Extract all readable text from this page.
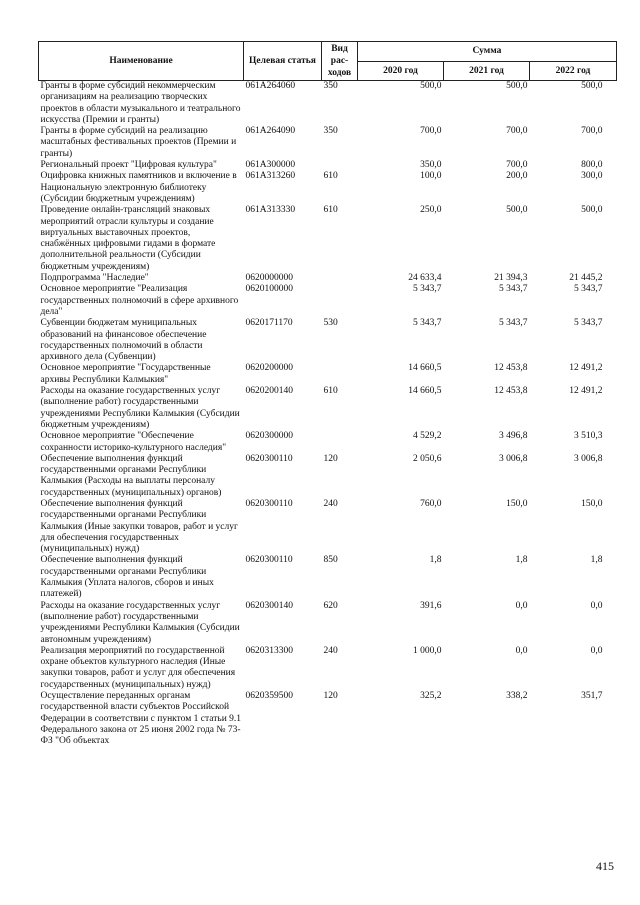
Наименование	Целевая статья	Вид рас-ходов	Сумма		
			2020 год	2021 год	2022 год
Гранты в форме субсидий некоммерческим организациям на реализацию творческих проектов в области музыкального и театрального искусства (Премии и гранты)	061А264060	350	500,0	500,0	500,0
Гранты в форме субсидий на реализацию масштабных фестивальных проектов (Премии и гранты)	061А264090	350	700,0	700,0	700,0
Региональный проект "Цифровая культура"	061А300000		350,0	700,0	800,0
Оцифровка книжных памятников и включение в Национальную электронную библиотеку (Субсидии бюджетным учреждениям)	061А313260	610	100,0	200,0	300,0
Проведение онлайн-трансляций знаковых мероприятий отрасли культуры и создание виртуальных выставочных проектов, снабжённых цифровыми гидами в формате дополнительной реальности (Субсидии бюджетным учреждениям)	061А313330	610	250,0	500,0	500,0
Подпрограмма "Наследие"	0620000000		24 633,4	21 394,3	21 445,2
Основное мероприятие "Реализация государственных полномочий в сфере архивного дела"	0620100000		5 343,7	5 343,7	5 343,7
Субвенции бюджетам муниципальных образований на финансовое обеспечение государственных полномочий в области архивного дела (Субвенции)	0620171170	530	5 343,7	5 343,7	5 343,7
Основное мероприятие "Государственные архивы Республики Калмыкия"	0620200000		14 660,5	12 453,8	12 491,2
Расходы на оказание государственных услуг (выполнение работ) государственными учреждениями Республики Калмыкия (Субсидии бюджетным учреждениям)	0620200140	610	14 660,5	12 453,8	12 491,2
Основное мероприятие "Обеспечение сохранности историко-культурного наследия"	0620300000		4 529,2	3 496,8	3 510,3
Обеспечение выполнения функций государственными органами Республики Калмыкия (Расходы на выплаты персоналу государственных (муниципальных) органов)	0620300110	120	2 050,6	3 006,8	3 006,8
Обеспечение выполнения функций государственными органами Республики Калмыкия (Иные закупки товаров, работ и услуг для обеспечения государственных (муниципальных) нужд)	0620300110	240	760,0	150,0	150,0
Обеспечение выполнения функций государственными органами Республики Калмыкия (Уплата налогов, сборов и иных платежей)	0620300110	850	1,8	1,8	1,8
Расходы на оказание государственных услуг (выполнение работ) государственными учреждениями Республики Калмыкия (Субсидии автономным учреждениям)	0620300140	620	391,6	0,0	0,0
Реализация мероприятий по государственной охране объектов культурного наследия (Иные закупки товаров, работ и услуг для обеспечения государственных (муниципальных) нужд)	0620313300	240	1 000,0	0,0	0,0
Осуществление переданных органам государственной власти субъектов Российской Федерации в соответствии с пунктом 1 статьи 9.1 Федерального закона от 25 июня 2002 года № 73-ФЗ "Об объектах	0620359500	120	325,2	338,2	351,7
415
